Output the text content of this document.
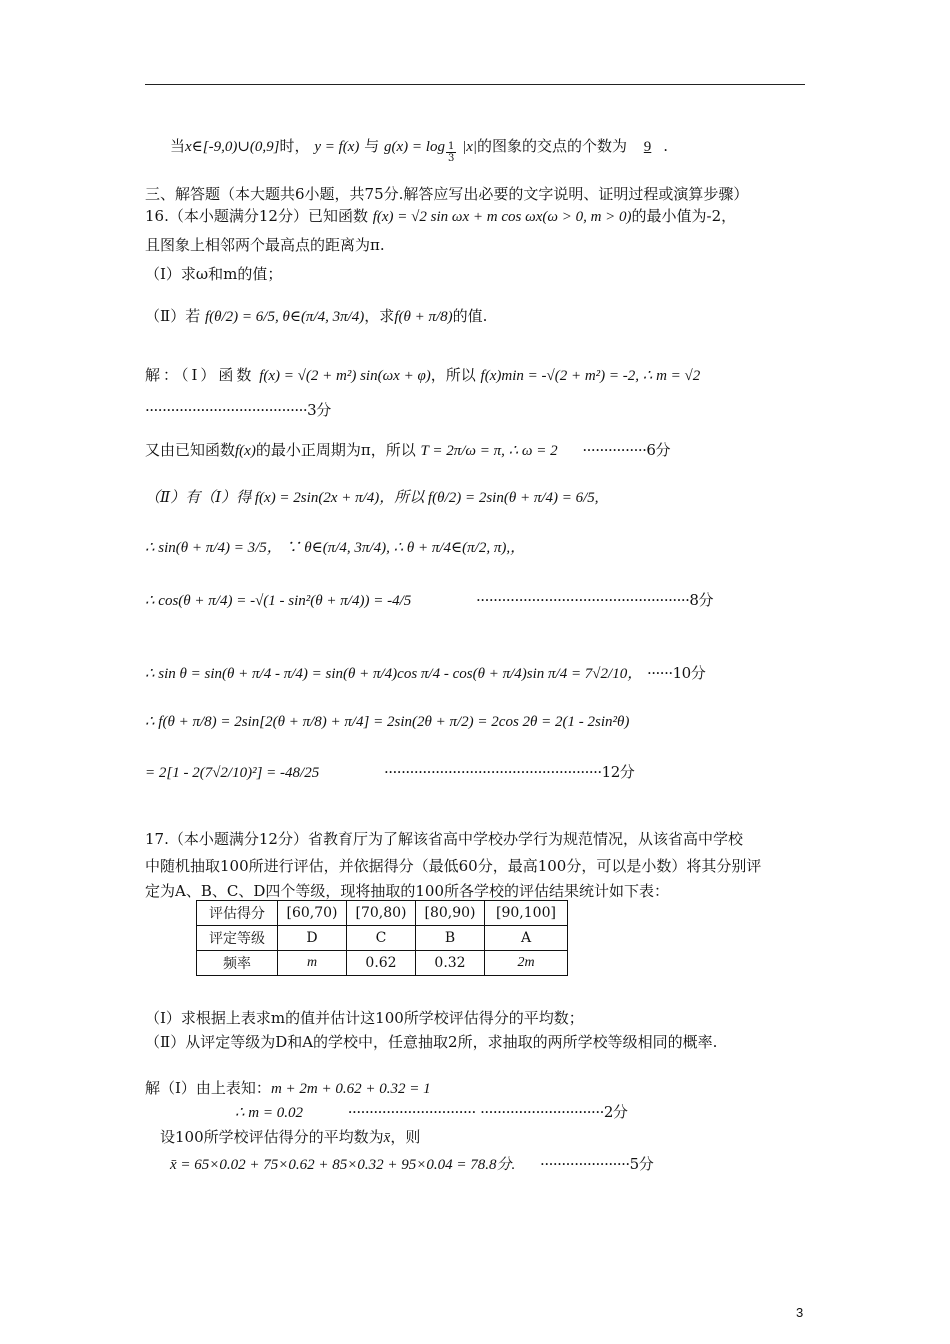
当x∈[-9,0)∪(0,9]时， y = f(x) 与 $g(x) = \log \frac{1}{3} |x|$的图象的交点的个数为 9 .
三、解答题（本大题共6小题，共75分.解答应写出必要的文字说明、证明过程或演算步骤）
16.（本小题满分12分）已知函数 f(x) = √2 sin ωx + m cos ωx(ω > 0, m > 0)的最小值为-2，
且图象上相邻两个最高点的距离为π.
（Ⅰ）求ω和m的值；
（Ⅱ）若 f(θ/2) = 6/5, θ∈(π/4, 3π/4)，求f(θ + π/8)的值.
解：（Ⅰ）函数 f(x) = √(2 + m²) sin(ωx + φ)，所以 f(x)min = -√(2 + m²) = -2, ∴ m = √2
······································3分
又由已知函数f(x)的最小正周期为π，所以 T = 2π/ω = π, ∴ ω = 2 ···············6分
（Ⅱ）有（Ⅰ）得 f(x) = 2sin(2x + π/4)，所以 f(θ/2) = 2sin(θ + π/4) = 6/5,
∴ sin(θ + π/4) = 3/5， ∵ θ∈(π/4, 3π/4), ∴ θ + π/4∈(π/2, π),，
∴ cos(θ + π/4) = -√(1 - sin²(θ + π/4)) = -4/5	··················································8分
∴ sin θ = sin(θ + π/4 - π/4) = sin(θ + π/4)cos π/4 - cos(θ + π/4)sin π/4 = 7√2/10， ······10分
∴ f(θ + π/8) = 2sin[2(θ + π/8) + π/4] = 2sin(2θ + π/2) = 2cos 2θ = 2(1 - 2sin²θ)
= 2[1 - 2(7√2/10)²] = -48/25	···················································12分
17.（本小题满分12分）省教育厅为了解该省高中学校办学行为规范情况，从该省高中学校
中随机抽取100所进行评估，并依据得分（最低60分，最高100分，可以是小数）将其分别评
定为A、B、C、D四个等级，现将抽取的100所各学校的评估结果统计如下表：
评估得分	[60,70)	[70,80)	[80,90)	[90,100]
评定等级	D	C	B	A
频率	m	0.62	0.32	2m
（Ⅰ）求根据上表求m的值并估计这100所学校评估得分的平均数；
（Ⅱ）从评定等级为D和A的学校中，任意抽取2所，求抽取的两所学校等级相同的概率.
解（Ⅰ）由上表知：m + 2m + 0.62 + 0.32 = 1
∴ m = 0.02	······························ ·····························2分
设100所学校评估得分的平均数为x̄，则
x̄ = 65×0.02 + 75×0.62 + 85×0.32 + 95×0.04 = 78.8分. ·····················5分
3
